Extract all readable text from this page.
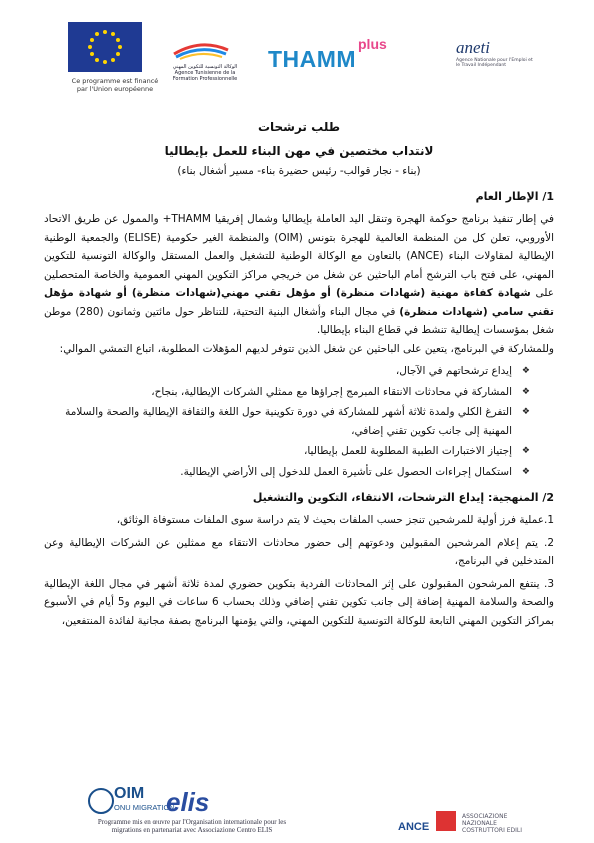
Ce programme est financé par l'Union européenne
الوكالة التونسية للتكوين المهني Agence Tunisienne de la Formation Professionnelle
THAMM
plus	aneti
Agence Nationale pour l'Emploi et le Travail Indépendant
طلب ترشحات
لانتداب مختصين في مهن البناء للعمل بإيطاليا
(بناء - نجار قوالب- رئيس حضيرة بناء- مسير أشغال بناء)
1/ الإطار العام

في إطار تنفيذ برنامج حوكمة الهجرة وتنقل اليد العاملة بإيطاليا وشمال إفريقيا THAMM+ والممول عن طريق الاتحاد الأوروبي، تعلن كل من المنظمة العالمية للهجرة بتونس (OIM) والمنظمة الغير حكومية (ELISE) والجمعية الوطنية الإيطالية لمقاولات البناء (ANCE) بالتعاون مع الوكالة الوطنية للتشغيل والعمل المستقل والوكالة التونسية للتكوين المهني، على فتح باب الترشح أمام الباحثين عن شغل من خريجي مراكز التكوين المهني العمومية والخاصة المتحصلين على شهادة كفاءة مهنية (شهادات منظرة) أو مؤهل تقني مهني(شهادات منظرة) أو شهادة مؤهل تقني سامي (شهادات منظرة) في مجال البناء وأشغال البنية التحتية، للتناظر حول مائتين وثمانون (280) موطن شغل بمؤسسات إيطالية تنشط في قطاع البناء بإيطاليا.

وللمشاركة في البرنامج، يتعين على الباحثين عن شغل الذين تتوفر لديهم المؤهلات المطلوبة، اتباع التمشي الموالي:

❖ إيداع ترشحاتهم في الآجال،
❖ المشاركة في محادثات الانتقاء المبرمج إجراؤها مع ممثلي الشركات الإيطالية، بنجاح،
❖ التفرغ الكلي ولمدة ثلاثة أشهر للمشاركة في دورة تكوينية حول اللغة والثقافة الإيطالية والصحة والسلامة المهنية إلى جانب تكوين تقني إضافي،
❖ إجتياز الاختبارات الطبية المطلوبة للعمل بإيطاليا،
❖ استكمال إجراءات الحصول على تأشيرة العمل للدخول إلى الأراضي الإيطالية.
2/ المنهجية: إيداع الترشحات، الانتقاء، التكوين والتشغيل

1.عملية فرز أولية للمرشحين تنجز حسب الملفات بحيث لا يتم دراسة سوى الملفات مستوفاة الوثائق،

2. يتم إعلام المرشحين المقبولين ودعوتهم إلى حضور محادثات الانتقاء مع ممثلين عن الشركات الإيطالية وعن المتدخلين في البرنامج،

3. ينتفع المرشحون المقبولون على إثر المحادثات الفردية بتكوين حضوري لمدة ثلاثة أشهر في مجال اللغة الإيطالية والصحة والسلامة المهنية إضافة إلى جانب تكوين تقني إضافي وذلك بحساب 6 ساعات في اليوم و5 أيام في الأسبوع بمراكز التكوين المهني التابعة للوكالة التونسية للتكوين المهني، والتي يؤمنها البرنامج بصفة مجانية لفائدة المنتفعين،

OIM
ONU MIGRATION
elis
Programme mis en œuvre par l'Organisation internationale pour les migrations en partenariat avec Associazione Centro ELIS	ANCE
ASSOCIAZIONE NAZIONALE COSTRUTTORI EDILI
